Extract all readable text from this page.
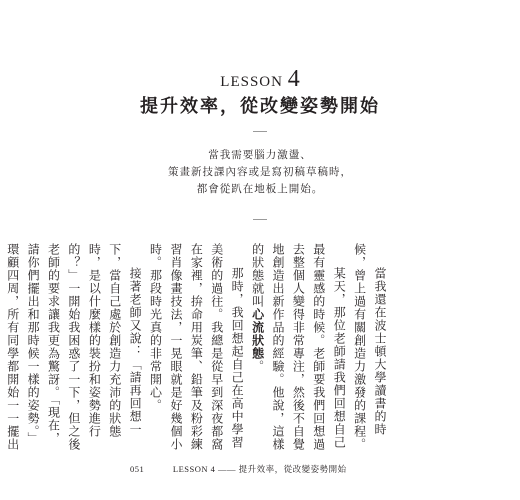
LESSON 4
提升效率，從改變姿勢開始
當我需要腦力激盪、
策畫新技課內容或是寫初稿草稿時，
都會從趴在地板上開始。

當我還在波士頓大學讀書的時候，曾上過有關創造力激發的課程。

某天，那位老師請我們回想自己最有靈感的時候。老師要我們回想過去整個人變得非常專注，然後不自覺地創造出新作品的經驗。他說，這樣的狀態就叫心流狀態。

那時，我回想起自己在高中學習美術的過往。我總是從早到深夜都窩在家裡，拚命用炭筆、鉛筆及粉彩練習肖像畫技法，一晃眼就是好幾個小時。那段時光真的非常開心。

接著老師又說：「請再回想一下，當自己處於創造力充沛的狀態時，是以什麼樣的裝扮和姿勢進行的？」一開始我困惑了一下，但之後老師的要求讓我更為驚訝。「現在，請你們擺出和那時候一樣的姿勢。」環顧四周，所有同學都開始一一擺出

051	LESSON 4 —— 提升效率，從改變姿勢開始
